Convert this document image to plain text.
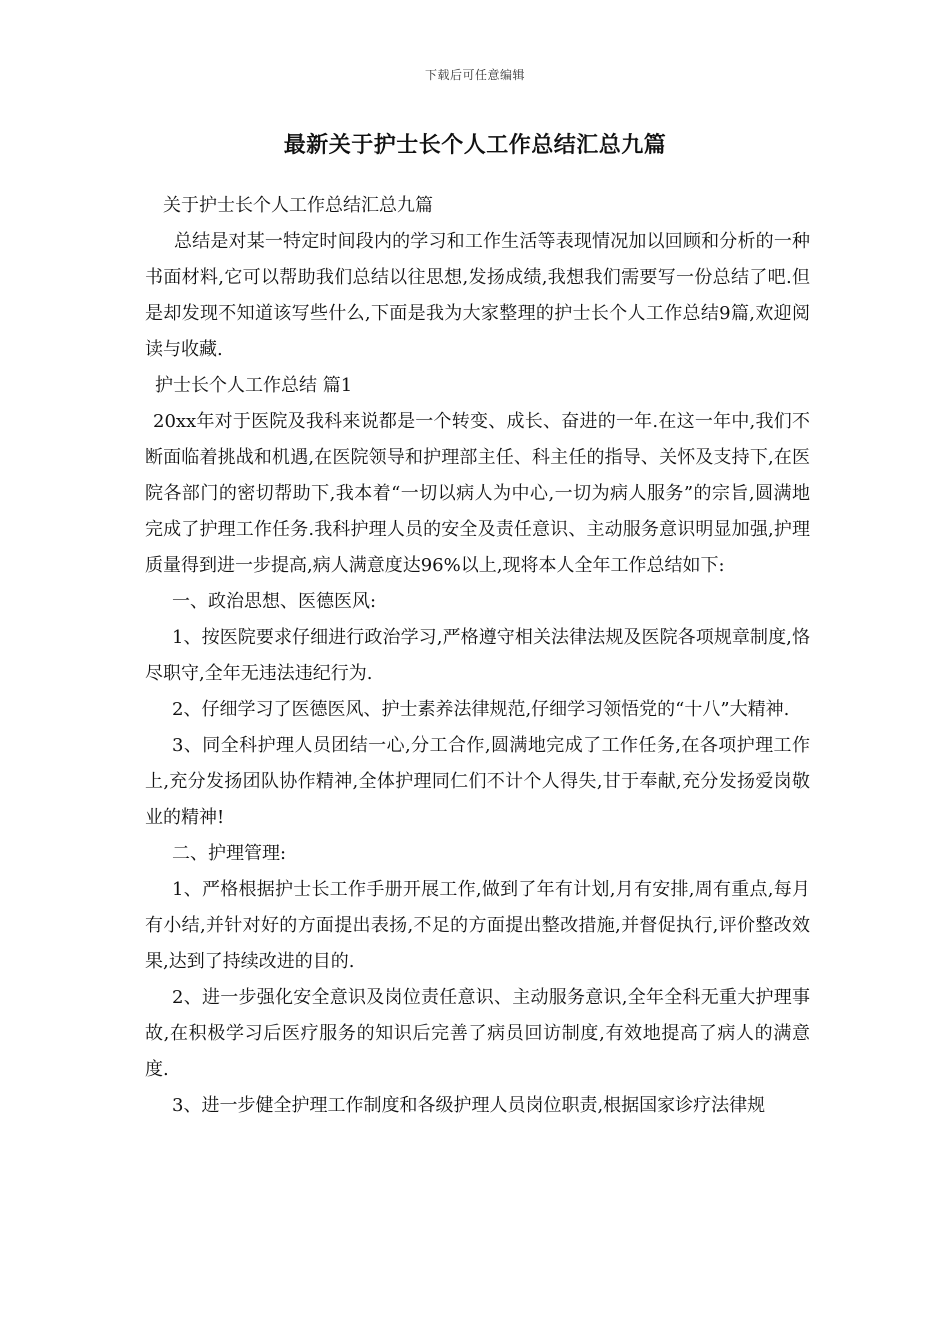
下载后可任意编辑
最新关于护士长个人工作总结汇总九篇

关于护士长个人工作总结汇总九篇

总结是对某一特定时间段内的学习和工作生活等表现情况加以回顾和分析的一种书面材料,它可以帮助我们总结以往思想,发扬成绩,我想我们需要写一份总结了吧.但是却发现不知道该写些什么,下面是我为大家整理的护士长个人工作总结9篇,欢迎阅读与收藏.

护士长个人工作总结 篇1

20xx年对于医院及我科来说都是一个转变、成长、奋进的一年.在这一年中,我们不断面临着挑战和机遇,在医院领导和护理部主任、科主任的指导、关怀及支持下,在医院各部门的密切帮助下,我本着“一切以病人为中心,一切为病人服务”的宗旨,圆满地完成了护理工作任务.我科护理人员的安全及责任意识、主动服务意识明显加强,护理质量得到进一步提高,病人满意度达96%以上,现将本人全年工作总结如下:

一、政治思想、医德医风:

1、按医院要求仔细进行政治学习,严格遵守相关法律法规及医院各项规章制度,恪尽职守,全年无违法违纪行为.

2、仔细学习了医德医风、护士素养法律规范,仔细学习领悟党的“十八”大精神.

3、同全科护理人员团结一心,分工合作,圆满地完成了工作任务,在各项护理工作上,充分发扬团队协作精神,全体护理同仁们不计个人得失,甘于奉献,充分发扬爱岗敬业的精神!

二、护理管理:

1、严格根据护士长工作手册开展工作,做到了年有计划,月有安排,周有重点,每月有小结,并针对好的方面提出表扬,不足的方面提出整改措施,并督促执行,评价整改效果,达到了持续改进的目的.

2、进一步强化安全意识及岗位责任意识、主动服务意识,全年全科无重大护理事故,在积极学习后医疗服务的知识后完善了病员回访制度,有效地提高了病人的满意度.

3、进一步健全护理工作制度和各级护理人员岗位职责,根据国家诊疗法律规
